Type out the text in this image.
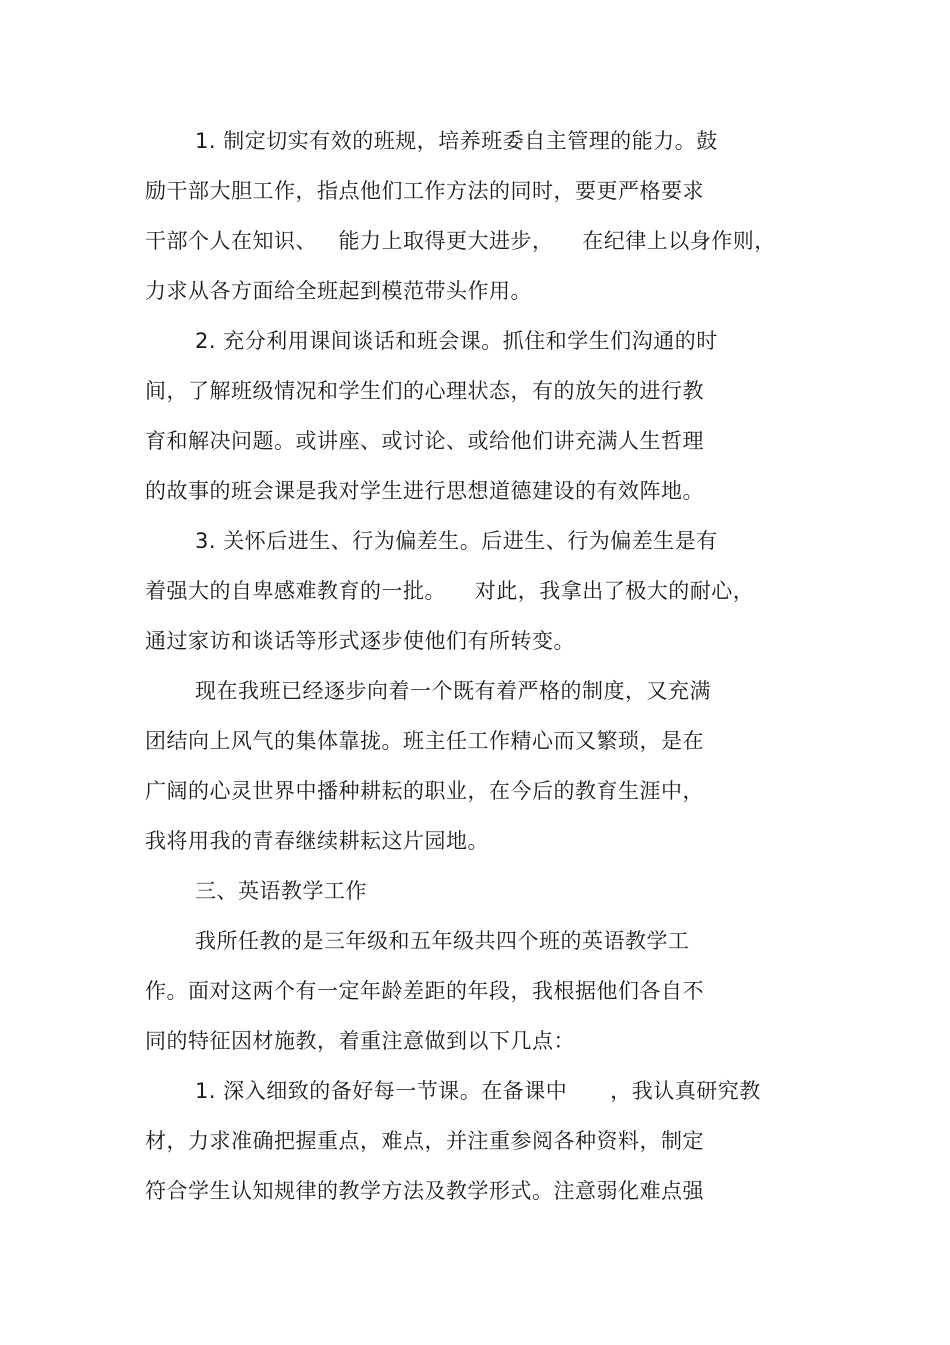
1. 制定切实有效的班规，培养班委自主管理的能力。鼓
励干部大胆工作，指点他们工作方法的同时，要更严格要求
干部个人在知识、   能力上取得更大进步，    在纪律上以身作则，
力求从各方面给全班起到模范带头作用。
2. 充分利用课间谈话和班会课。抓住和学生们沟通的时
间，了解班级情况和学生们的心理状态，有的放矢的进行教
育和解决问题。或讲座、或讨论、或给他们讲充满人生哲理
的故事的班会课是我对学生进行思想道德建设的有效阵地。
3. 关怀后进生、行为偏差生。后进生、行为偏差生是有
着强大的自卑感难教育的一批。    对此，我拿出了极大的耐心，
通过家访和谈话等形式逐步使他们有所转变。
现在我班已经逐步向着一个既有着严格的制度，又充满
团结向上风气的集体靠拢。班主任工作精心而又繁琐，是在
广阔的心灵世界中播种耕耘的职业，在今后的教育生涯中，
我将用我的青春继续耕耘这片园地。
三、英语教学工作
我所任教的是三年级和五年级共四个班的英语教学工
作。面对这两个有一定年龄差距的年段，我根据他们各自不
同的特征因材施教，着重注意做到以下几点：
1. 深入细致的备好每一节课。在备课中      ，我认真研究教
材，力求准确把握重点，难点，并注重参阅各种资料，制定
符合学生认知规律的教学方法及教学形式。注意弱化难点强
